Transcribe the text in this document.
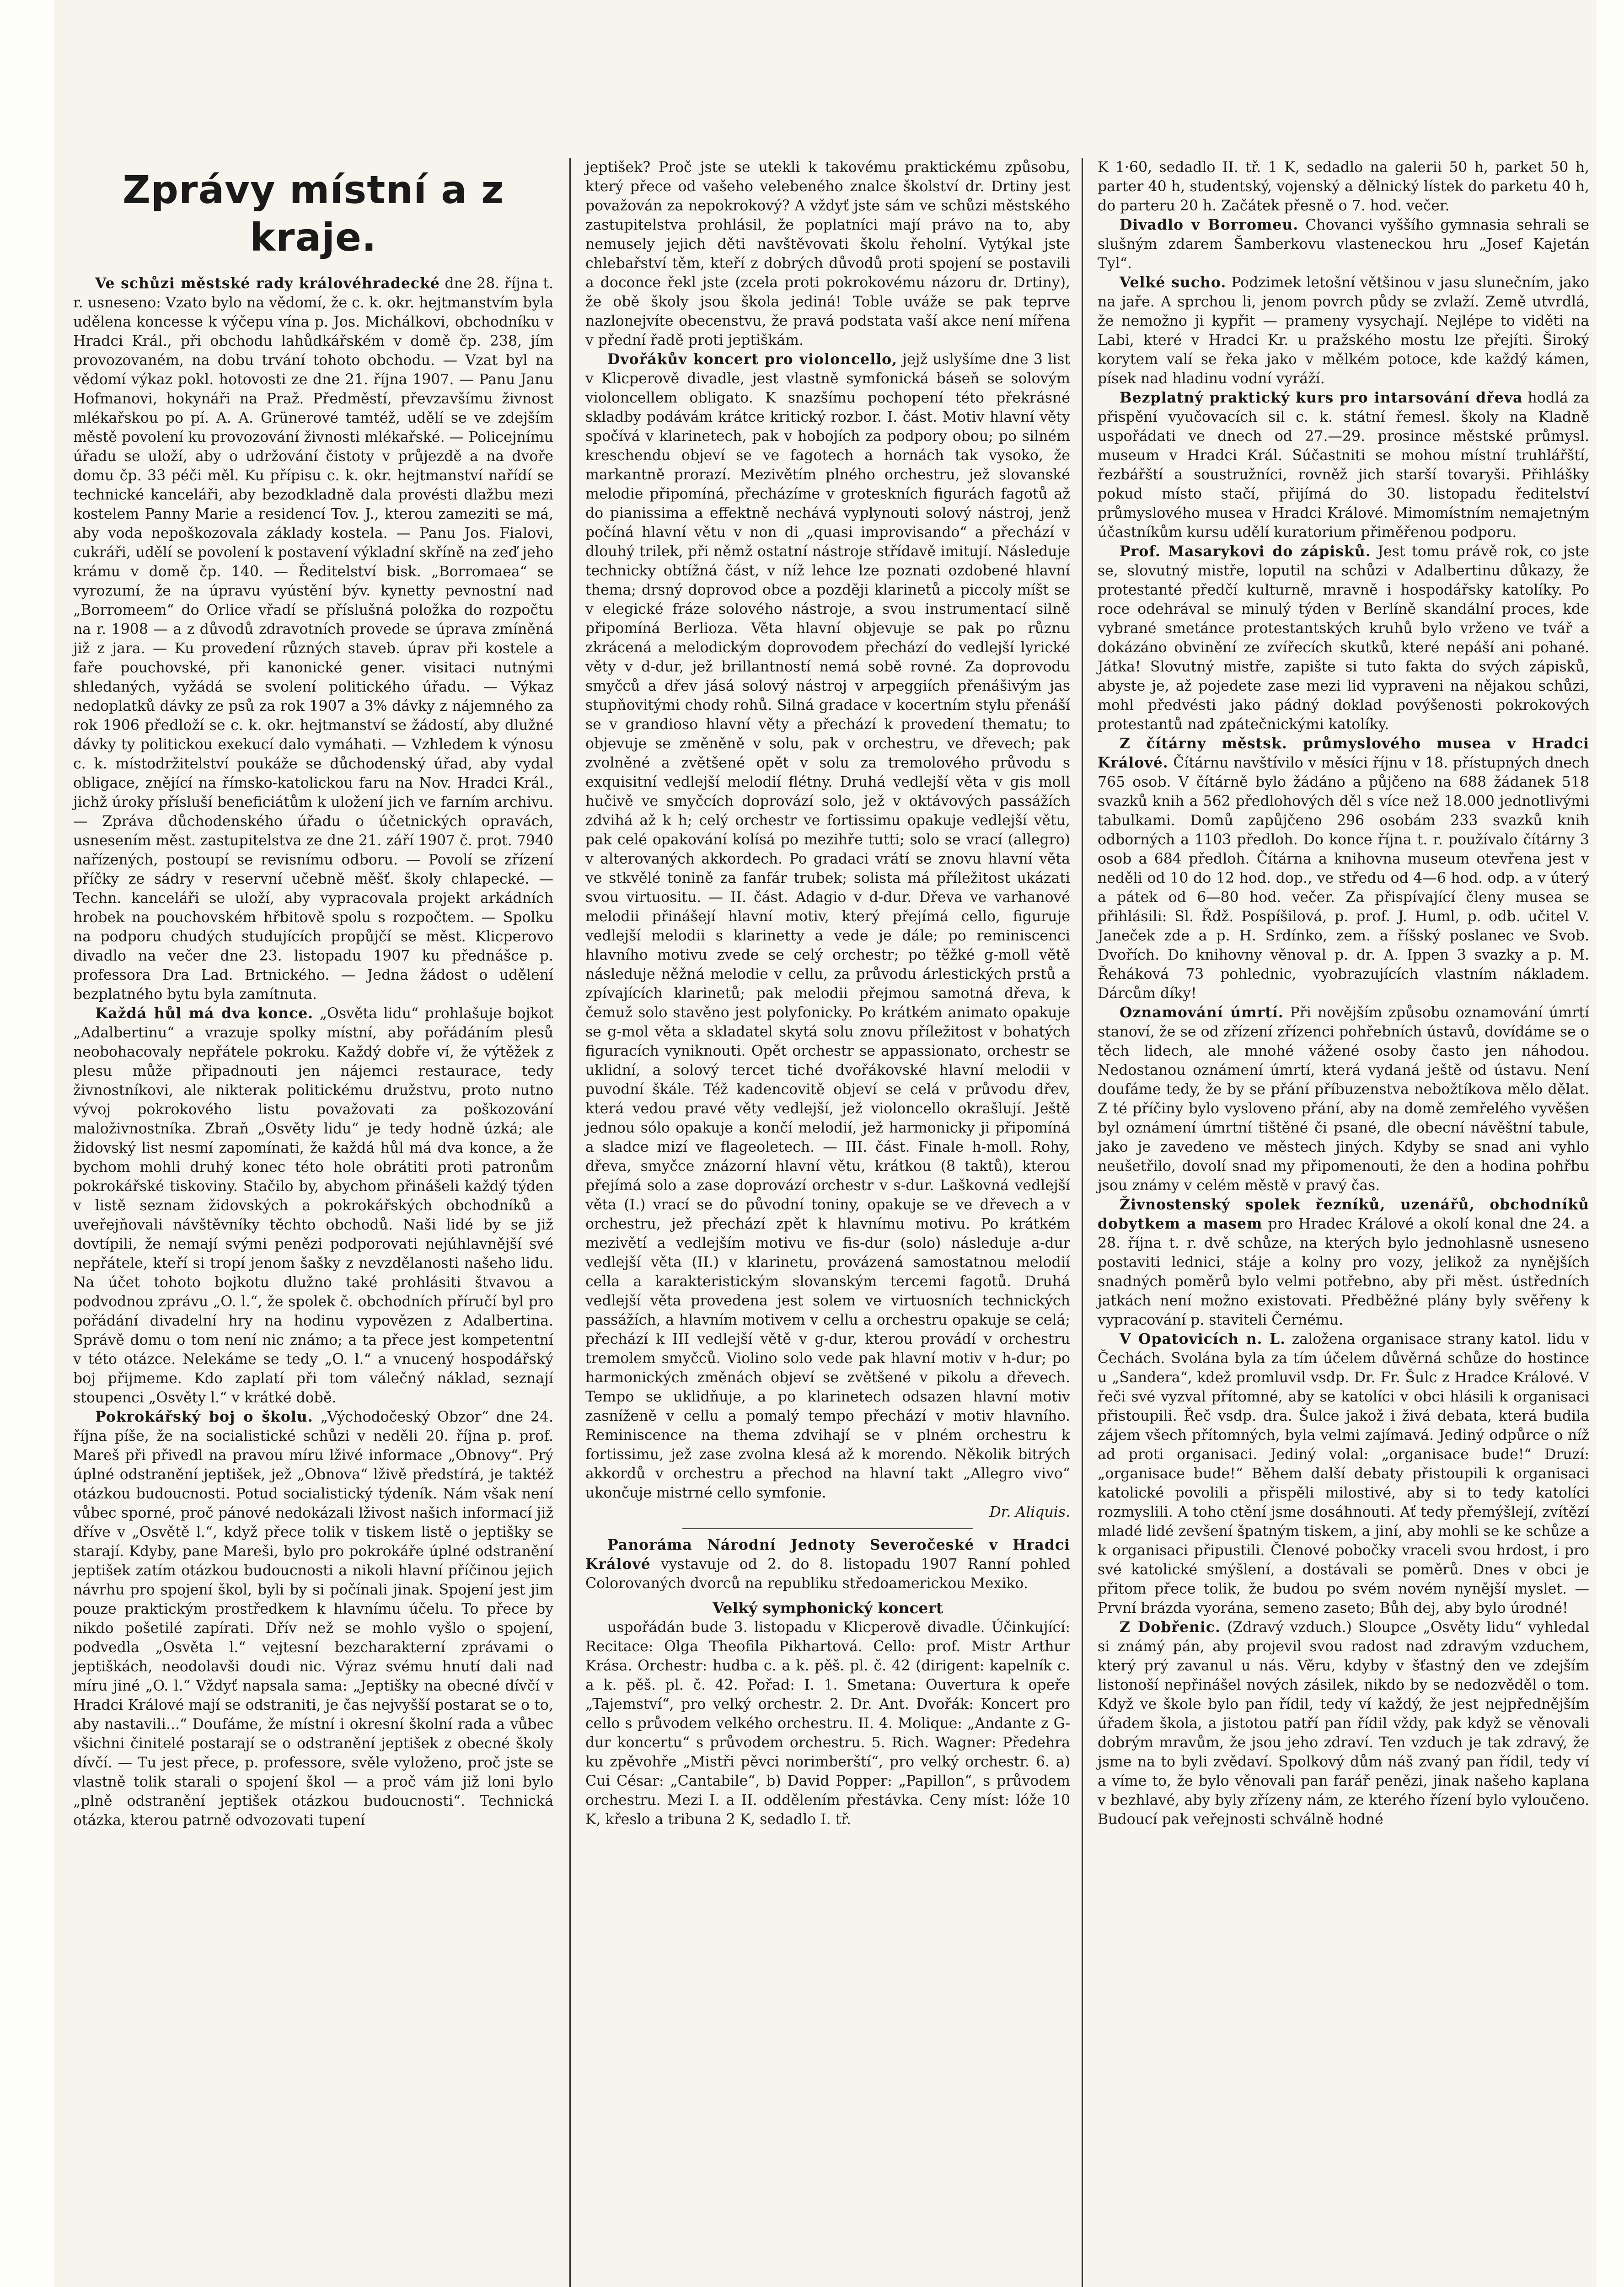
Zprávy místní a z kraje.

Ve schůzi městské rady královéhradecké dne 28. října t. r. usneseno: Vzato bylo na vědomí, že c. k. okr. hejtmanstvím byla udělena koncesse k výčepu vína p. Jos. Michálkovi, obchodníku v Hradci Král., při obchodu lahůdkářském v domě čp. 238, jím provozovaném, na dobu trvání tohoto obchodu. — Vzat byl na vědomí výkaz pokl. hotovosti ze dne 21. října 1907. — Panu Janu Hofmanovi, hokynáři na Praž. Předměstí, převzavšímu živnost mlékařskou po pí. A. A. Grünerové tamtéž, udělí se ve zdejším městě povolení ku provozování živnosti mlékařské. — Policejnímu úřadu se uloží, aby o udržování čistoty v průjezdě a na dvoře domu čp. 33 péči měl. Ku přípisu c. k. okr. hejtmanství nařídí se technické kanceláři, aby bezodkladně dala provésti dlažbu mezi kostelem Panny Marie a residencí Tov. J., kterou zameziti se má, aby voda nepoškozovala základy kostela. — Panu Jos. Fialovi, cukráři, udělí se povolení k postavení výkladní skříně na zeď jeho krámu v domě čp. 140. — Ředitelství bisk. „Borromaea“ se vyrozumí, že na úpravu vyústění býv. kynetty pevnostní nad „Borromeem“ do Orlice vřadí se příslušná položka do rozpočtu na r. 1908 — a z důvodů zdravotních provede se úprava zmíněná již z jara. — Ku provedení různých staveb. úprav při kostele a faře pouchovské, při kanonické gener. visitaci nutnými shledaných, vyžádá se svolení politického úřadu. — Výkaz nedoplatků dávky ze psů za rok 1907 a 3% dávky z nájemného za rok 1906 předloží se c. k. okr. hejtmanství se žádostí, aby dlužné dávky ty politickou exekucí dalo vymáhati. — Vzhledem k výnosu c. k. místodržitelství poukáže se důchodenský úřad, aby vydal obligace, znějící na římsko-katolickou faru na Nov. Hradci Král., jichž úroky přísluší beneficiátům k uložení jich ve farním archivu. — Zpráva důchodenského úřadu o účetnických opravách, usnesením měst. zastupitelstva ze dne 21. září 1907 č. prot. 7940 nařízených, postoupí se revisnímu odboru. — Povolí se zřízení příčky ze sádry v reservní učebně měšť. školy chlapecké. — Techn. kanceláři se uloží, aby vypracovala projekt arkádních hrobek na pouchovském hřbitově spolu s rozpočtem. — Spolku na podporu chudých studujících propůjčí se měst. Klicperovo divadlo na večer dne 23. listopadu 1907 ku přednášce p. professora Dra Lad. Brtnického. — Jedna žádost o udělení bezplatného bytu byla zamítnuta.

Každá hůl má dva konce. „Osvěta lidu“ prohlašuje bojkot „Adalbertinu“ a vrazuje spolky místní, aby pořádáním plesů neobohacovaly nepřátele pokroku. Každý dobře ví, že výtěžek z plesu může připadnouti jen nájemci restaurace, tedy živnostníkovi, ale nikterak politickému družstvu, proto nutno vývoj pokrokového listu považovati za poškozování maloživnostníka. Zbraň „Osvěty lidu“ je tedy hodně úzká; ale židovský list nesmí zapomínati, že každá hůl má dva konce, a že bychom mohli druhý konec této hole obrátiti proti patronům pokrokářské tiskoviny. Stačilo by, abychom přinášeli každý týden v listě seznam židovských a pokrokářských obchodníků a uveřejňovali návštěvníky těchto obchodů. Naši lidé by se již dovtípili, že nemají svými penězi podporovati nejúhlavnější své nepřátele, kteří si tropí jenom šašky z nevzdělanosti našeho lidu. Na účet tohoto bojkotu dlužno také prohlásiti štvavou a podvodnou zprávu „O. l.“, že spolek č. obchodních příručí byl pro pořádání divadelní hry na hodinu vypovězen z Adalbertina. Správě domu o tom není nic známo; a ta přece jest kompetentní v této otázce. Nelekáme se tedy „O. l.“ a vnucený hospodářský boj přijmeme. Kdo zaplatí při tom válečný náklad, seznají stoupenci „Osvěty l.“ v krátké době.

Pokrokářský boj o školu. „Východočeský Obzor“ dne 24. října píše, že na socialistické schůzi v neděli 20. října p. prof. Mareš při přivedl na pravou míru lživé informace „Obnovy“. Prý úplné odstranění jeptišek, jež „Obnova“ lživě předstírá, je taktéž otázkou budoucnosti. Potud socialistický týdeník. Nám však není vůbec sporné, proč pánové nedokázali lživost našich informací již dříve v „Osvětě l.“, když přece tolik v tiskem listě o jeptišky se starají. Kdyby, pane Mareši, bylo pro pokrokáře úplné odstranění jeptišek zatím otázkou budoucnosti a nikoli hlavní příčinou jejich návrhu pro spojení škol, byli by si počínali jinak. Spojení jest jim pouze praktickým prostředkem k hlavnímu účelu. To přece by nikdo pošetilé zapírati. Dřív než se mohlo vyšlo o spojení, podvedla „Osvěta l.“ vejtesní bezcharakterní zprávami o jeptiškách, neodolavši doudi nic. Výraz svému hnutí dali nad míru jiné „O. l.“ Vždyť napsala sama: „Jeptišky na obecné dívčí v Hradci Králové mají se odstraniti, je čas nejvyšší postarat se o to, aby nastavili...“ Doufáme, že místní i okresní školní rada a vůbec všichni činitelé postarají se o odstranění jeptišek z obecné školy dívčí. — Tu jest přece, p. professore, svěle vyloženo, proč jste se vlastně tolik starali o spojení škol — a proč vám již loni bylo „plně odstranění jeptišek otázkou budoucnosti“. Technická otázka, kterou patrně odvozovati tupení

jeptišek? Proč jste se utekli k takovému praktickému způsobu, který přece od vašeho velebeného znalce školství dr. Drtiny jest považován za nepokrokový? A vždyť jste sám ve schůzi městského zastupitelstva prohlásil, že poplatníci mají právo na to, aby nemusely jejich děti navštěvovati školu řeholní. Vytýkal jste chlebařství těm, kteří z dobrých důvodů proti spojení se postavili a doconce řekl jste (zcela proti pokrokovému názoru dr. Drtiny), že obě školy jsou škola jediná! Toble uváže se pak teprve nazlonejvíte obecenstvu, že pravá podstata vaší akce není mířena v přední řadě proti jeptiškám.

Dvořákův koncert pro violoncello, jejž uslyšíme dne 3 list v Klicperově divadle, jest vlastně symfonická báseň se solovým violoncellem obligato. K snazšímu pochopení této překrásné skladby podávám krátce kritický rozbor. I. část. Motiv hlavní věty spočívá v klarinetech, pak v hobojích za podpory obou; po silném kreschendu objeví se ve fagotech a hornách tak vysoko, že markantně prorazí. Mezivětím plného orchestru, jež slovanské melodie připomíná, přecházíme v groteskních figurách fagotů až do pianissima a effektně nechává vyplynouti solový nástroj, jenž počíná hlavní větu v non di „quasi improvisando“ a přechází v dlouhý trilek, při němž ostatní nástroje střídavě imitují. Následuje technicky obtížná část, v níž lehce lze poznati ozdobené hlavní thema; drsný doprovod obce a později klarinetů a piccoly míšt se v elegické fráze solového nástroje, a svou instrumentací silně připomíná Berlioza. Věta hlavní objevuje se pak po různu zkrácená a melodickým doprovodem přechází do vedlejší lyrické věty v d-dur, jež brillantností nemá sobě rovné. Za doprovodu smyčců a dřev jásá solový nástroj v arpeggiích přenášivým jas stupňovitými chody rohů. Silná gradace v kocertním stylu přenáší se v grandioso hlavní věty a přechází k provedení thematu; to objevuje se změněně v solu, pak v orchestru, ve dřevech; pak zvolněné a zvětšené opět v solu za tremolového průvodu s exquisitní vedlejší melodií flétny. Druhá vedlejší věta v gis moll hučivě ve smyčcích doprovází solo, jež v oktávových passážích zdvihá až k h; celý orchestr ve fortissimu opakuje vedlejší větu, pak celé opakování kolísá po mezihře tutti; solo se vrací (allegro) v alterovaných akkordech. Po gradaci vrátí se znovu hlavní věta ve stkvělé tonině za fanfár trubek; solista má příležitost ukázati svou virtuositu. — II. část. Adagio v d-dur. Dřeva ve varhanové melodii přinášejí hlavní motiv, který přejímá cello, figuruje vedlejší melodii s klarinetty a vede je dále; po reminiscenci hlavního motivu zvede se celý orchestr; po těžké g-moll větě následuje něžná melodie v cellu, za průvodu árlestických prstů a zpívajících klarinetů; pak melodii přejmou samotná dřeva, k čemuž solo stavěno jest polyfonicky. Po krátkém animato opakuje se g-mol věta a skladatel skytá solu znovu příležitost v bohatých figuracích vyniknouti. Opět orchestr se appassionato, orchestr se uklidní, a solový tercet tiché dvořákovské hlavní melodii v puvodní škále. Též kadencovitě objeví se celá v průvodu dřev, která vedou pravé věty vedlejší, jež violoncello okrašlují. Ještě jednou sólo opakuje a končí melodií, jež harmonicky ji připomíná a sladce mizí ve flageoletech. — III. část. Finale h-moll. Rohy, dřeva, smyčce znázorní hlavní větu, krátkou (8 taktů), kterou přejímá solo a zase doprovází orchestr v s-dur. Laškovná vedlejší věta (I.) vrací se do původní toniny, opakuje se ve dřevech a v orchestru, jež přechází zpět k hlavnímu motivu. Po krátkém mezivětí a vedlejším motivu ve fis-dur (solo) následuje a-dur vedlejší věta (II.) v klarinetu, provázená samostatnou melodií cella a karakteristickým slovanským tercemi fagotů. Druhá vedlejší věta provedena jest solem ve virtuosních technických passážích, a hlavním motivem v cellu a orchestru opakuje se celá; přechází k III vedlejší větě v g-dur, kterou provádí v orchestru tremolem smyčců. Violino solo vede pak hlavní motiv v h-dur; po harmonických změnách objeví se zvětšené v pikolu a dřevech. Tempo se uklidňuje, a po klarinetech odsazen hlavní motiv zasníženě v cellu a pomalý tempo přechází v motiv hlavního. Reminiscence na thema zdvihají se v plném orchestru k fortissimu, jež zase zvolna klesá až k morendo. Několik bitrých akkordů v orchestru a přechod na hlavní takt „Allegro vivo“ ukončuje mistrné cello symfonie.

Dr. Aliquis.

Panoráma Národní Jednoty Severočeské v Hradci Králové vystavuje od 2. do 8. listopadu 1907 Ranní pohled Colorovaných dvorců na republiku středoamerickou Mexiko.

Velký symphonický koncert

uspořádán bude 3. listopadu v Klicperově divadle. Účinkující: Recitace: Olga Theofila Pikhartová. Cello: prof. Mistr Arthur Krása. Orchestr: hudba c. a k. pěš. pl. č. 42 (dirigent: kapelník c. a k. pěš. pl. č. 42. Pořad: I. 1. Smetana: Ouvertura k opeře „Tajemství“, pro velký orchestr. 2. Dr. Ant. Dvořák: Koncert pro cello s průvodem velkého orchestru. II. 4. Molique: „Andante z G-dur koncertu“ s průvodem orchestru. 5. Rich. Wagner: Předehra ku zpěvohře „Mistři pěvci norimberští“, pro velký orchestr. 6. a) Cui César: „Cantabile“, b) David Popper: „Papillon“, s průvodem orchestru. Mezi I. a II. oddělením přestávka. Ceny míst: lóže 10 K, křeslo a tribuna 2 K, sedadlo I. tř.

K 1·60, sedadlo II. tř. 1 K, sedadlo na galerii 50 h, parket 50 h, parter 40 h, studentský, vojenský a dělnický lístek do parketu 40 h, do parteru 20 h. Začátek přesně o 7. hod. večer.

Divadlo v Borromeu. Chovanci vyššího gymnasia sehrali se slušným zdarem Šamberkovu vlasteneckou hru „Josef Kajetán Tyl“.

Velké sucho. Podzimek letošní většinou v jasu slunečním, jako na jaře. A sprchou li, jenom povrch půdy se zvlaží. Země utvrdlá, že nemožno ji kypřit — prameny vysychají. Nejlépe to viděti na Labi, které v Hradci Kr. u pražského mostu lze přejíti. Široký korytem valí se řeka jako v mělkém potoce, kde každý kámen, písek nad hladinu vodní vyráží.

Bezplatný praktický kurs pro intarsování dřeva hodlá za přispění vyučovacích sil c. k. státní řemesl. školy na Kladně uspořádati ve dnech od 27.—29. prosince městské průmysl. museum v Hradci Král. Súčastniti se mohou místní truhlářští, řezbářští a soustružníci, rovněž jich starší tovaryši. Přihlášky pokud místo stačí, přijímá do 30. listopadu ředitelství průmyslového musea v Hradci Králové. Mimomístním nemajetným účastníkům kursu udělí kuratorium přiměřenou podporu.

Prof. Masarykovi do zápisků. Jest tomu právě rok, co jste se, slovutný mistře, loputil na schůzi v Adalbertinu důkazy, že protestanté předčí kulturně, mravně i hospodářsky katolíky. Po roce odehrával se minulý týden v Berlíně skandální proces, kde vybrané smetánce protestantských kruhů bylo vrženo ve tvář a dokázáno obvinění ze zvířecích skutků, které nepáší ani pohané. Játka! Slovutný mistře, zapište si tuto fakta do svých zápisků, abyste je, až pojedete zase mezi lid vypraveni na nějakou schůzi, mohl předvésti jako pádný doklad povýšenosti pokrokových protestantů nad zpátečnickými katolíky.

Z čítárny městsk. průmyslového musea v Hradci Králové. Čítárnu navštívilo v měsíci říjnu v 18. přístupných dnech 765 osob. V čítárně bylo žádáno a půjčeno na 688 žádanek 518 svazků knih a 562 předlohových děl s více než 18.000 jednotlivými tabulkami. Domů zapůjčeno 296 osobám 233 svazků knih odborných a 1103 předloh. Do konce října t. r. používalo čítárny 3 osob a 684 předloh. Čítárna a knihovna museum otevřena jest v neděli od 10 do 12 hod. dop., ve středu od 4—6 hod. odp. a v úterý a pátek od 6—80 hod. večer. Za přispívající členy musea se přihlásili: Sl. Řdž. Pospíšilová, p. prof. J. Huml, p. odb. učitel V. Janeček zde a p. H. Srdínko, zem. a říšský poslanec ve Svob. Dvořích. Do knihovny věnoval p. dr. A. Ippen 3 svazky a p. M. Řeháková 73 pohlednic, vyobrazujících vlastním nákladem. Dárcům díky!

Oznamování úmrtí. Při novějším způsobu oznamování úmrtí stanoví, že se od zřízení zřízenci pohřebních ústavů, dovídáme se o těch lidech, ale mnohé vážené osoby často jen náhodou. Nedostanou oznámení úmrtí, která vydaná ještě od ústavu. Není doufáme tedy, že by se přání příbuzenstva nebožtíkova mělo dělat. Z té příčiny bylo vysloveno přání, aby na domě zemřelého vyvěšen byl oznámení úmrtní tištěné či psané, dle obecní návěštní tabule, jako je zavedeno ve městech jiných. Kdyby se snad ani vyhlo neušetřilo, dovolí snad my připomenouti, že den a hodina pohřbu jsou známy v celém městě v pravý čas.

Živnostenský spolek řezníků, uzenářů, obchodníků dobytkem a masem pro Hradec Králové a okolí konal dne 24. a 28. října t. r. dvě schůze, na kterých bylo jednohlasně usneseno postaviti lednici, stáje a kolny pro vozy, jelikož za nynějších snadných poměrů bylo velmi potřebno, aby při měst. ústředních jatkách není možno existovati. Předběžné plány byly svěřeny k vypracování p. staviteli Černému.

V Opatovicích n. L. založena organisace strany katol. lidu v Čechách. Svolána byla za tím účelem důvěrná schůze do hostince u „Sandera“, kdež promluvil vsdp. Dr. Fr. Šulc z Hradce Králové. V řeči své vyzval přítomné, aby se katolíci v obci hlásili k organisaci přistoupili. Řeč vsdp. dra. Šulce jakož i živá debata, která budila zájem všech přítomných, byla velmi zajímavá. Jediný odpůrce o níž ad proti organisaci. Jediný volal: „organisace bude!“ Druzí: „organisace bude!“ Během další debaty přistoupili k organisaci katolické povolili a přispěli milostivé, aby si to tedy katolíci rozmyslili. A toho ctění jsme dosáhnouti. Ať tedy přemýšlejí, zvítězí mladé lidé zevšení špatným tiskem, a jiní, aby mohli se ke schůze a k organisaci připustili. Členové pobočky vraceli svou hrdost, i pro své katolické smýšlení, a dostávali se poměrů. Dnes v obci je přitom přece tolik, že budou po svém novém nynější myslet. — První brázda vyorána, semeno zaseto; Bůh dej, aby bylo úrodné!

Z Dobřenic. (Zdravý vzduch.) Sloupce „Osvěty lidu“ vyhledal si známý pán, aby projevil svou radost nad zdravým vzduchem, který prý zavanul u nás. Věru, kdyby v šťastný den ve zdejším listonoší nepřinášel nových zásilek, nikdo by se nedozvěděl o tom. Když ve škole bylo pan řídil, tedy ví každý, že jest nejpřednějším úřadem škola, a jistotou patří pan řídil vždy, pak když se věnovali dobrým mravům, že jsou jeho zdraví. Ten vzduch je tak zdravý, že jsme na to byli zvědaví. Spolkový dům náš zvaný pan řídil, tedy ví a víme to, že bylo věnovali pan farář penězi, jinak našeho kaplana v bezhlavé, aby byly zřízeny nám, ze kterého řízení bylo vyloučeno. Budoucí pak veřejnosti schválně hodné
